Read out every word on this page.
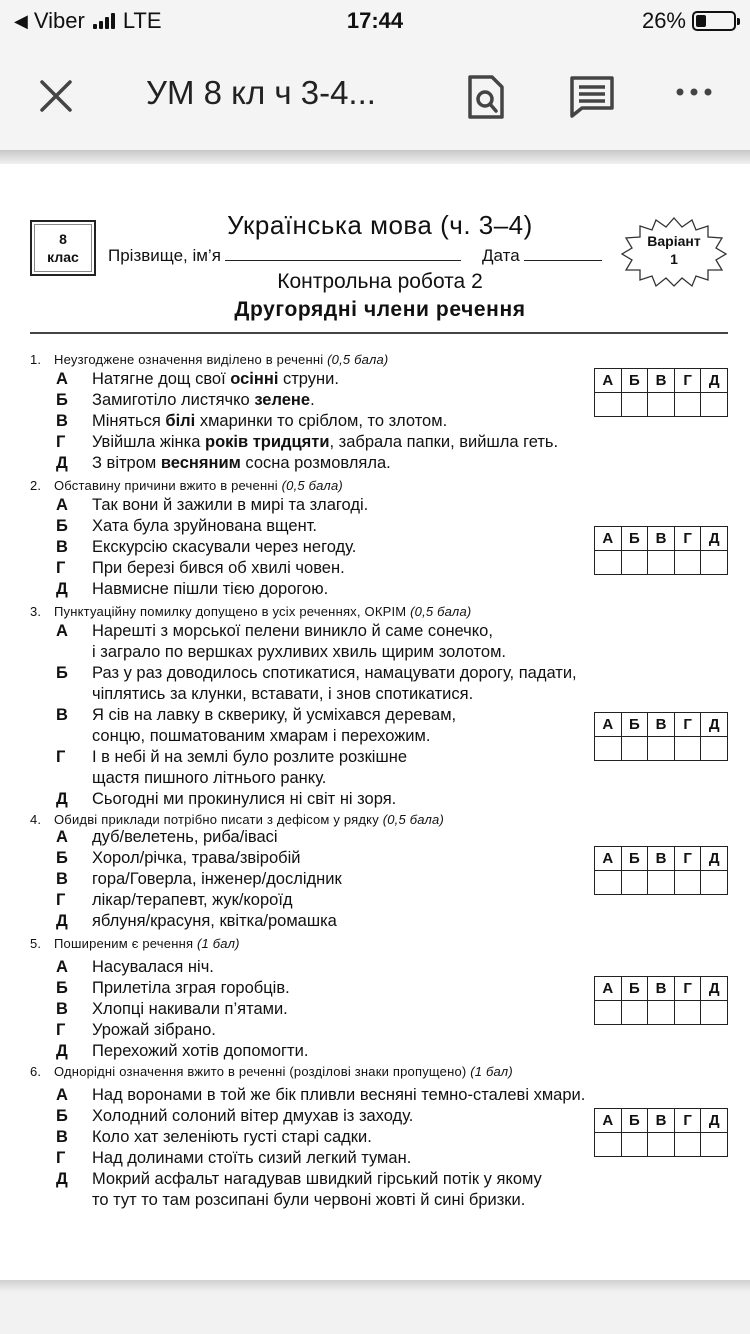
◀ Viber LTE	17:44	26%
УМ 8 кл ч 3-4...
8
клас
Українська мова (ч. 3–4)
Прізвище, ім’я	Дата
Контрольна робота 2
Другорядні члени речення
Варіант
1
1. Неузгоджене означення виділено в реченні (0,5 бала)
А Натягне дощ свої осінні струни.
Б Замиготіло листячко зелене.
В Міняться білі хмаринки то сріблом, то злотом.
Г Увійшла жінка років тридцяти, забрала папки, вийшла геть.
Д З вітром весняним сосна розмовляла.
А	Б	В	Г	Д

2. Обставину причини вжито в реченні (0,5 бала)
А Так вони й зажили в мирі та злагоді.
Б Хата була зруйнована вщент.
В Екскурсію скасували через негоду.
Г При березі бився об хвилі човен.
Д Навмисне пішли тією дорогою.
А	Б	В	Г	Д

3. Пунктуаційну помилку допущено в усіх реченнях, ОКРІМ (0,5 бала)
А Нарешті з морської пелени виникло й саме сонечко,
і заграло по вершках рухливих хвиль щирим золотом.
Б Раз у раз доводилось спотикатися, намацувати дорогу, падати,
чіплятись за клунки, вставати, і знов спотикатися.
В Я сів на лавку в скверику, й усміхався деревам,
сонцю, пошматованим хмарам і перехожим.
Г І в небі й на землі було розлите розкішне
щастя пишного літнього ранку.
Д Сьогодні ми прокинулися ні світ ні зоря.
А	Б	В	Г	Д

4. Обидві приклади потрібно писати з дефісом у рядку (0,5 бала)
А дуб/велетень, риба/івасі
Б Хорол/річка, трава/звіробій
В гора/Говерла, інженер/дослідник
Г лікар/терапевт, жук/короїд
Д яблуня/красуня, квітка/ромашка
А	Б	В	Г	Д

5. Поширеним є речення (1 бал)
А Насувалася ніч.
Б Прилетіла зграя горобців.
В Хлопці накивали п’ятами.
Г Урожай зібрано.
Д Перехожий хотів допомогти.
А	Б	В	Г	Д

6. Однорідні означення вжито в реченні (розділові знаки пропущено) (1 бал)
А Над воронами в той же бік пливли весняні темно-сталеві хмари.
Б Холодний солоний вітер дмухав із заходу.
В Коло хат зеленіють густі старі садки.
Г Над долинами стоїть сизий легкий туман.
Д Мокрий асфальт нагадував швидкий гірський потік у якому
то тут то там розсипані були червоні жовті й сині бризки.
А	Б	В	Г	Д
